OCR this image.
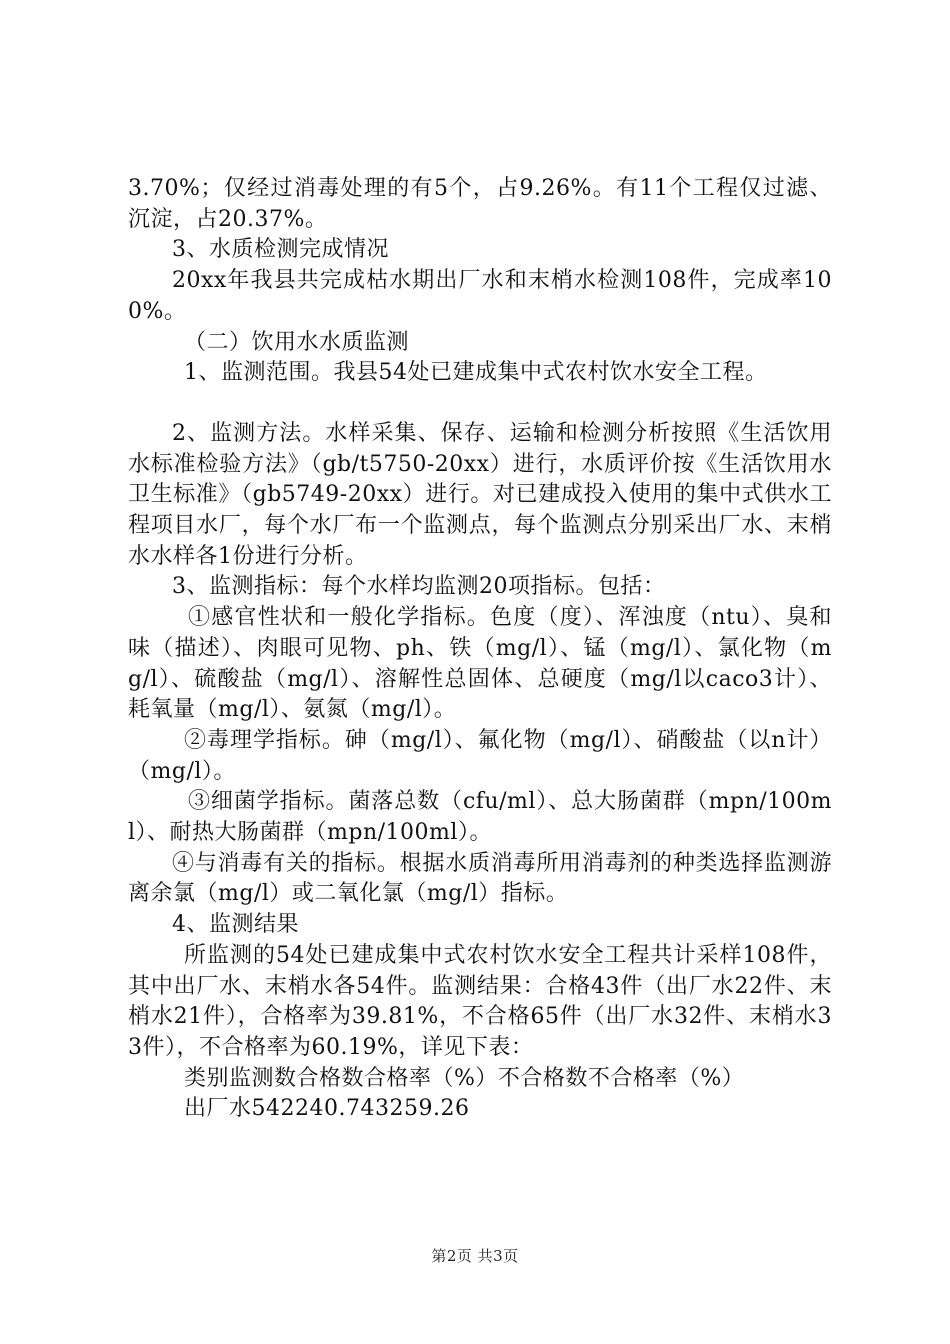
3.70%；仅经过消毒处理的有5个，占9.26%。有11个工程仅过滤、沉淀，占20.37%。

3、水质检测完成情况

20xx年我县共完成枯水期出厂水和末梢水检测108件，完成率100%。

（二）饮用水水质监测

1、监测范围。我县54处已建成集中式农村饮水安全工程。

2、监测方法。水样采集、保存、运输和检测分析按照《生活饮用水标准检验方法》（gb/t5750-20xx）进行，水质评价按《生活饮用水卫生标准》（gb5749-20xx）进行。对已建成投入使用的集中式供水工程项目水厂，每个水厂布一个监测点，每个监测点分别采出厂水、末梢水水样各1份进行分析。

3、监测指标：每个水样均监测20项指标。包括：

①感官性状和一般化学指标。色度（度）、浑浊度（ntu）、臭和味（描述）、肉眼可见物、ph、铁（mg/l）、锰（mg/l）、氯化物（mg/l）、硫酸盐（mg/l）、溶解性总固体、总硬度（mg/l以caco3计）、耗氧量（mg/l）、氨氮（mg/l）。

②毒理学指标。砷（mg/l）、氟化物（mg/l）、硝酸盐（以n计）（mg/l）。

③细菌学指标。菌落总数（cfu/ml）、总大肠菌群（mpn/100ml）、耐热大肠菌群（mpn/100ml）。

④与消毒有关的指标。根据水质消毒所用消毒剂的种类选择监测游离余氯（mg/l）或二氧化氯（mg/l）指标。

4、监测结果

所监测的54处已建成集中式农村饮水安全工程共计采样108件，其中出厂水、末梢水各54件。监测结果：合格43件（出厂水22件、末梢水21件），合格率为39.81%，不合格65件（出厂水32件、末梢水33件），不合格率为60.19%，详见下表：

类别监测数合格数合格率（%）不合格数不合格率（%）

出厂水542240.743259.26

第2页 共3页
